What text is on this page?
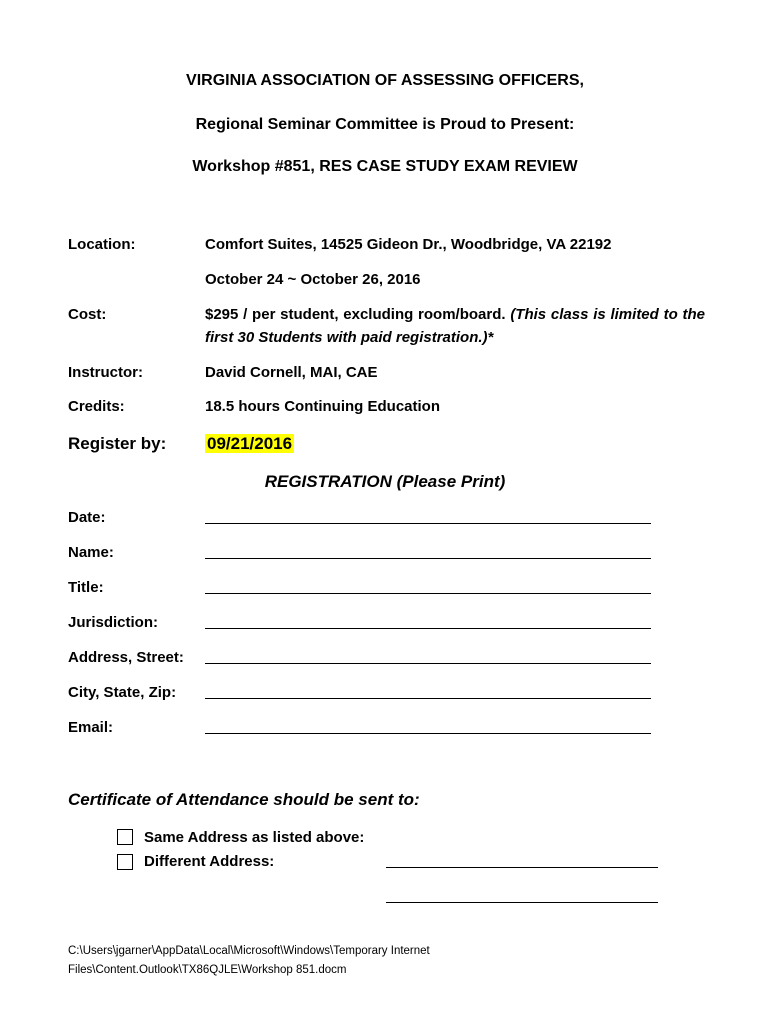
VIRGINIA ASSOCIATION OF ASSESSING OFFICERS,
Regional Seminar Committee is Proud to Present:
Workshop #851, RES CASE STUDY EXAM REVIEW
Location:	Comfort Suites, 14525 Gideon Dr., Woodbridge, VA 22192
October 24 ~ October 26, 2016
Cost:	$295 / per student, excluding room/board. (This class is limited to the first 30 Students with paid registration.)*
Instructor:	David Cornell, MAI, CAE
Credits:	18.5 hours Continuing Education
Register by: 09/21/2016
REGISTRATION (Please Print)
Date:
Name:
Title:
Jurisdiction:
Address, Street:
City, State, Zip:
Email:
Certificate of Attendance should be sent to:
Same Address as listed above:
Different Address:
C:\Users\jgarner\AppData\Local\Microsoft\Windows\Temporary Internet
Files\Content.Outlook\TX86QJLE\Workshop 851.docm
